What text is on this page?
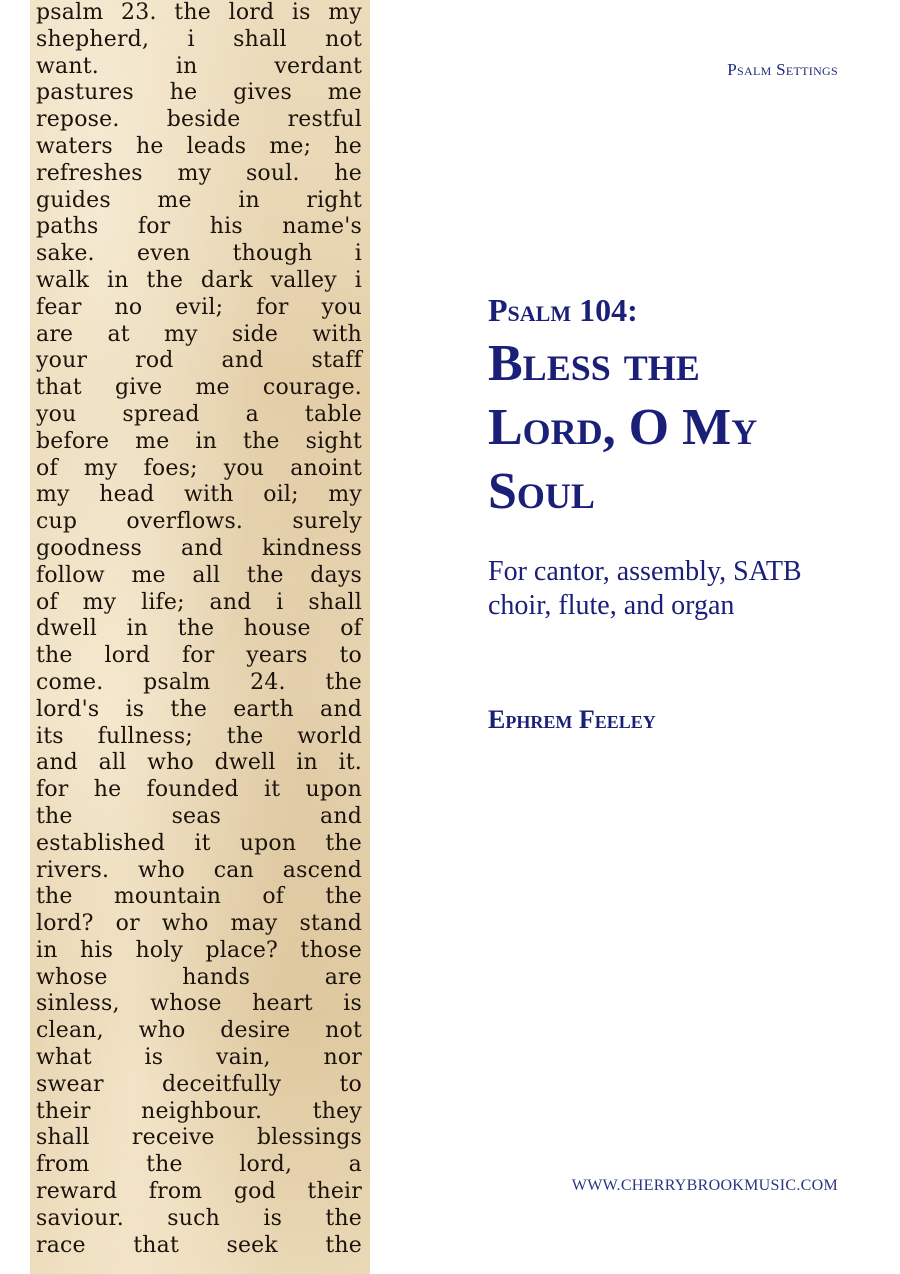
psalm 23. the lord is my
shepherd, i shall not
want. in verdant
pastures he gives me
repose. beside restful
waters he leads me; he
refreshes my soul. he
guides me in right
paths for his name's
sake. even though i
walk in the dark valley i
fear no evil; for you
are at my side with
your rod and staff
that give me courage.
you spread a table
before me in the sight
of my foes; you anoint
my head with oil; my
cup overflows. surely
goodness and kindness
follow me all the days
of my life; and i shall
dwell in the house of
the lord for years to
come. psalm 24. the
lord's is the earth and
its fullness; the world
and all who dwell in it.
for he founded it upon
the seas and
established it upon the
rivers. who can ascend
the mountain of the
lord? or who may stand
in his holy place? those
whose hands are
sinless, whose heart is
clean, who desire not
what is vain, nor
swear deceitfully to
their neighbour. they
shall receive blessings
from the lord, a
reward from god their
saviour. such is the
race that seek the
Psalm Settings
Psalm 104:
Bless the
Lord, O My
Soul
For cantor, assembly, SATB choir, flute, and organ
Ephrem Feeley
WWW.CHERRYBROOKMUSIC.COM
